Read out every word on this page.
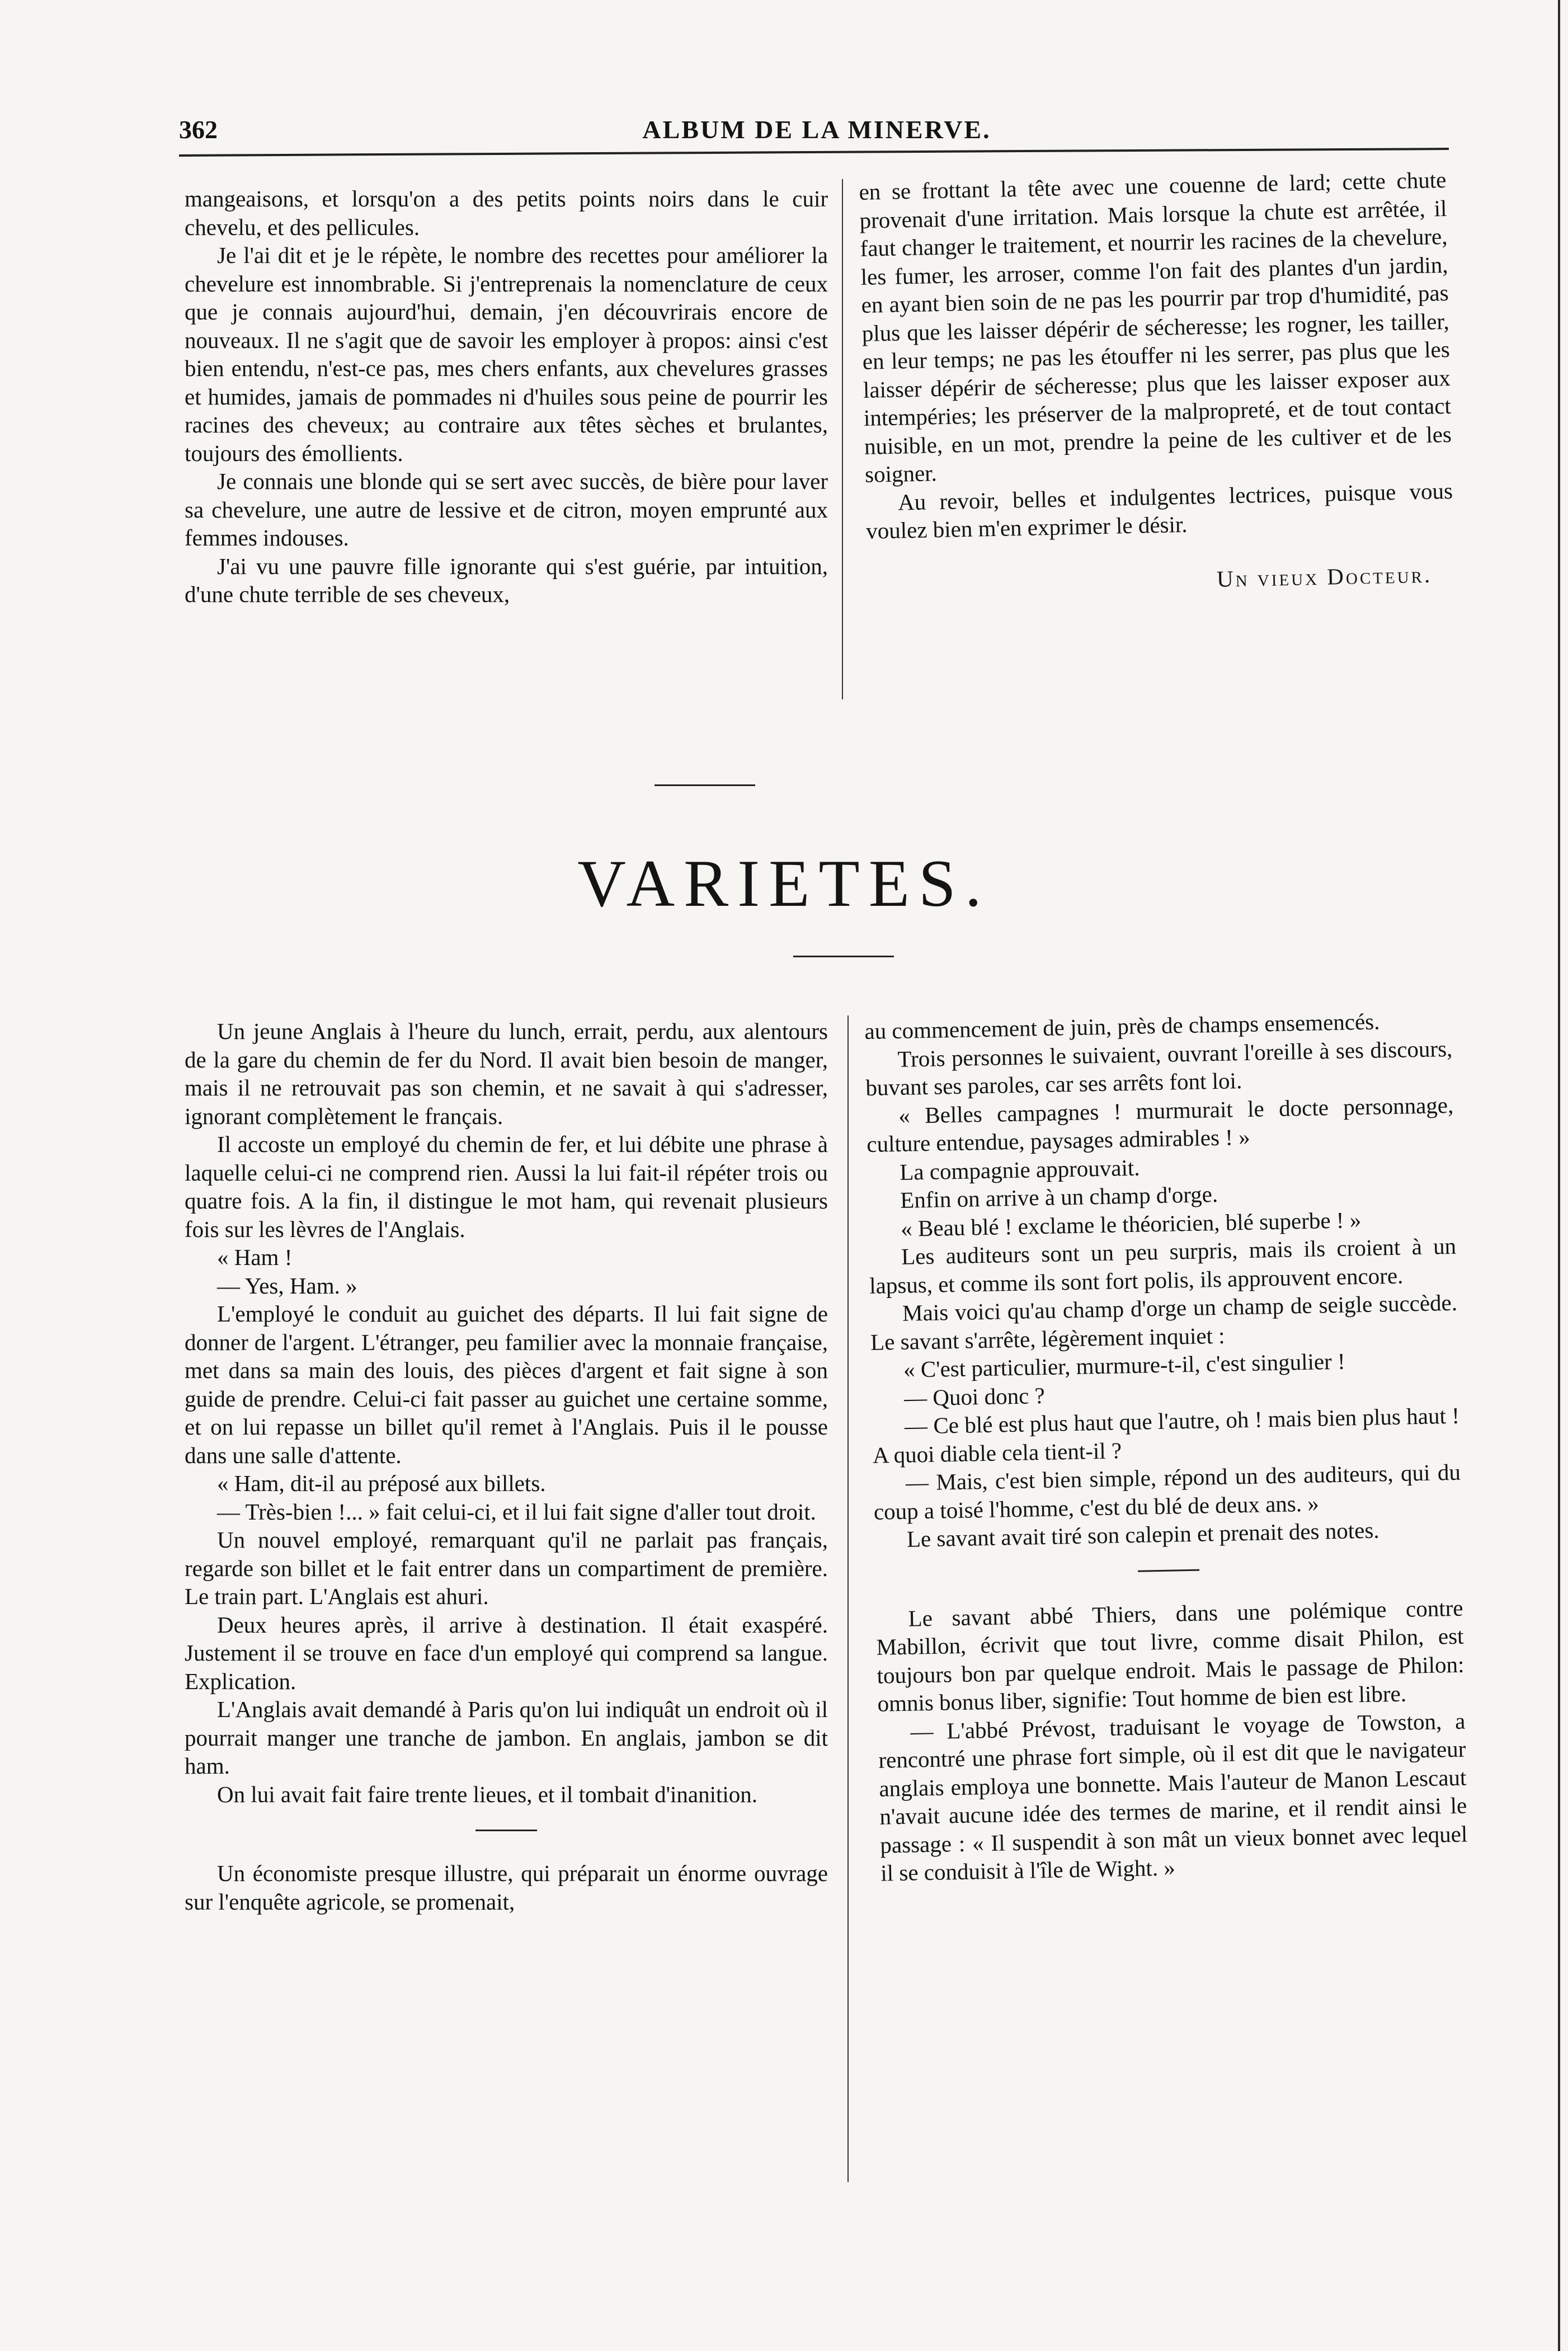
362	ALBUM DE LA MINERVE.

mangeaisons, et lorsqu'on a des petits points noirs dans le cuir chevelu, et des pellicules.

Je l'ai dit et je le répète, le nombre des recettes pour améliorer la chevelure est innombrable. Si j'entreprenais la nomenclature de ceux que je connais aujourd'hui, demain, j'en découvrirais encore de nouveaux. Il ne s'agit que de savoir les employer à propos: ainsi c'est bien entendu, n'est-ce pas, mes chers enfants, aux chevelures grasses et humides, jamais de pommades ni d'huiles sous peine de pourrir les racines des cheveux; au contraire aux têtes sèches et brulantes, toujours des émollients.

Je connais une blonde qui se sert avec succès, de bière pour laver sa chevelure, une autre de lessive et de citron, moyen emprunté aux femmes indouses.

J'ai vu une pauvre fille ignorante qui s'est guérie, par intuition, d'une chute terrible de ses cheveux,

en se frottant la tête avec une couenne de lard; cette chute provenait d'une irritation. Mais lorsque la chute est arrêtée, il faut changer le traitement, et nourrir les racines de la chevelure, les fumer, les arroser, comme l'on fait des plantes d'un jardin, en ayant bien soin de ne pas les pourrir par trop d'humidité, pas plus que les laisser dépérir de sécheresse; les rogner, les tailler, en leur temps; ne pas les étouffer ni les serrer, pas plus que les laisser dépérir de sécheresse; plus que les laisser exposer aux intempéries; les préserver de la malpropreté, et de tout contact nuisible, en un mot, prendre la peine de les cultiver et de les soigner.

Au revoir, belles et indulgentes lectrices, puisque vous voulez bien m'en exprimer le désir.

Un vieux Docteur.
VARIETES.

Un jeune Anglais à l'heure du lunch, errait, perdu, aux alentours de la gare du chemin de fer du Nord. Il avait bien besoin de manger, mais il ne retrouvait pas son chemin, et ne savait à qui s'adresser, ignorant complètement le français.

Il accoste un employé du chemin de fer, et lui débite une phrase à laquelle celui-ci ne comprend rien. Aussi la lui fait-il répéter trois ou quatre fois. A la fin, il distingue le mot ham, qui revenait plusieurs fois sur les lèvres de l'Anglais.

« Ham !

— Yes, Ham. »

L'employé le conduit au guichet des départs. Il lui fait signe de donner de l'argent. L'étranger, peu familier avec la monnaie française, met dans sa main des louis, des pièces d'argent et fait signe à son guide de prendre. Celui-ci fait passer au guichet une certaine somme, et on lui repasse un billet qu'il remet à l'Anglais. Puis il le pousse dans une salle d'attente.

« Ham, dit-il au préposé aux billets.

— Très-bien !... » fait celui-ci, et il lui fait signe d'aller tout droit.

Un nouvel employé, remarquant qu'il ne parlait pas français, regarde son billet et le fait entrer dans un compartiment de première. Le train part. L'Anglais est ahuri.

Deux heures après, il arrive à destination. Il était exaspéré. Justement il se trouve en face d'un employé qui comprend sa langue. Explication.

L'Anglais avait demandé à Paris qu'on lui indiquât un endroit où il pourrait manger une tranche de jambon. En anglais, jambon se dit ham.

On lui avait fait faire trente lieues, et il tombait d'inanition.

Un économiste presque illustre, qui préparait un énorme ouvrage sur l'enquête agricole, se promenait,

au commencement de juin, près de champs ensemencés.

Trois personnes le suivaient, ouvrant l'oreille à ses discours, buvant ses paroles, car ses arrêts font loi.

« Belles campagnes ! murmurait le docte personnage, culture entendue, paysages admirables ! »

La compagnie approuvait.

Enfin on arrive à un champ d'orge.

« Beau blé ! exclame le théoricien, blé superbe ! »

Les auditeurs sont un peu surpris, mais ils croient à un lapsus, et comme ils sont fort polis, ils approuvent encore.

Mais voici qu'au champ d'orge un champ de seigle succède. Le savant s'arrête, légèrement inquiet :

« C'est particulier, murmure-t-il, c'est singulier !

— Quoi donc ?

— Ce blé est plus haut que l'autre, oh ! mais bien plus haut ! A quoi diable cela tient-il ?

— Mais, c'est bien simple, répond un des auditeurs, qui du coup a toisé l'homme, c'est du blé de deux ans. »

Le savant avait tiré son calepin et prenait des notes.

Le savant abbé Thiers, dans une polémique contre Mabillon, écrivit que tout livre, comme disait Philon, est toujours bon par quelque endroit. Mais le passage de Philon: omnis bonus liber, signifie: Tout homme de bien est libre.

— L'abbé Prévost, traduisant le voyage de Towston, a rencontré une phrase fort simple, où il est dit que le navigateur anglais employa une bonnette. Mais l'auteur de Manon Lescaut n'avait aucune idée des termes de marine, et il rendit ainsi le passage : « Il suspendit à son mât un vieux bonnet avec lequel il se conduisit à l'île de Wight. »
